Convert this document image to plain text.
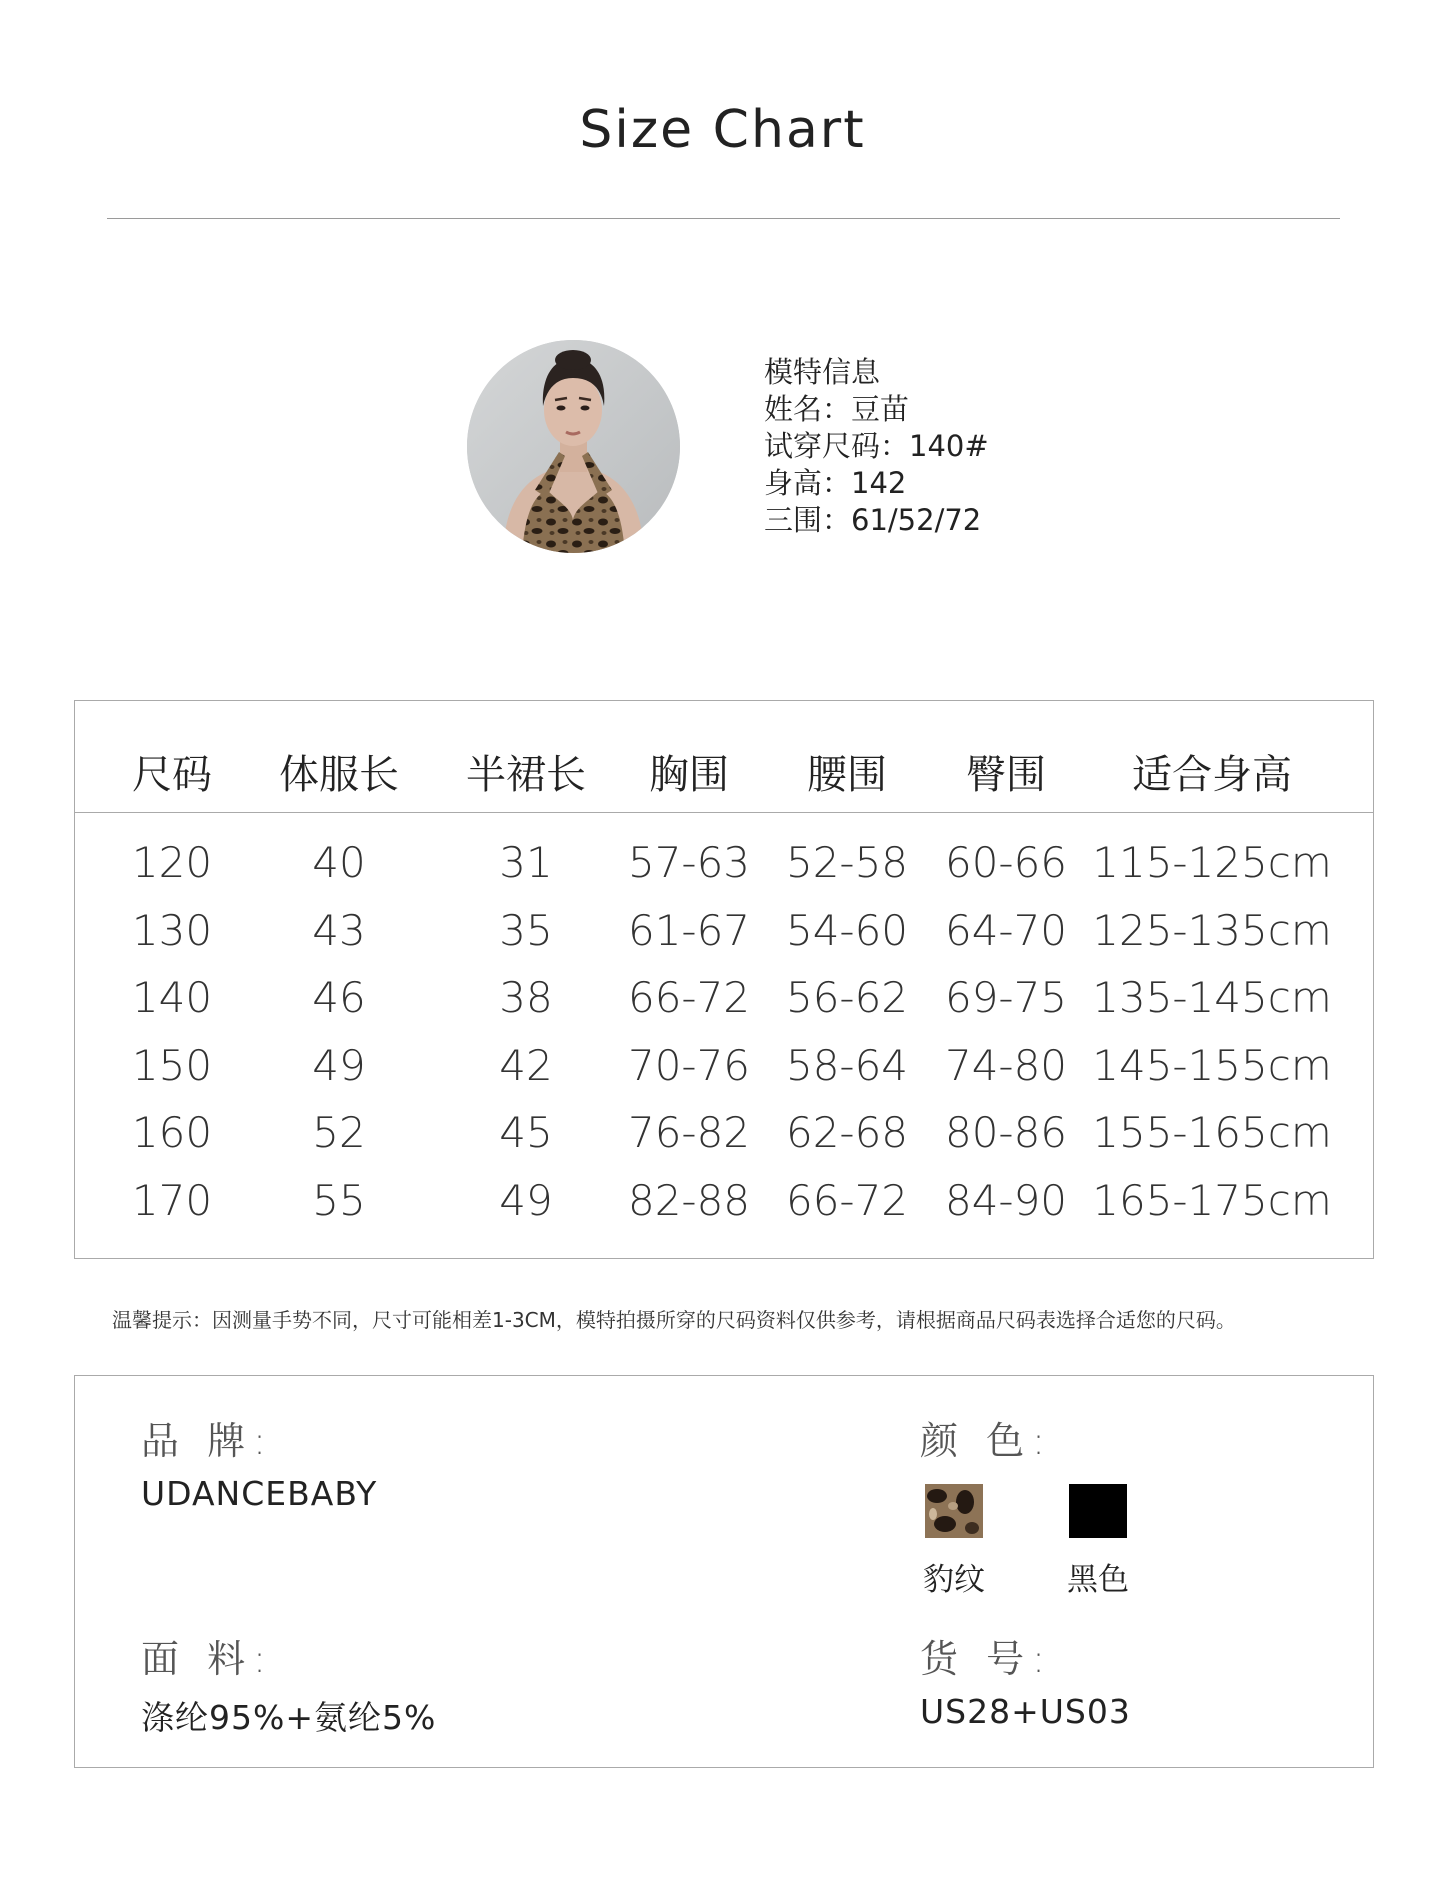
Size Chart
模特信息
姓名：豆苗
试穿尺码：140#
身高：142
三围：61/52/72
尺码 体服长 半裙长 胸围 腰围 臀围 适合身高
120 40	31 57-63 52-58 60-66 115-125cm
130 43	35 61-67 54-60 64-70 125-135cm
140 46	38 66-72 56-62 69-75 135-145cm
150 49	42 70-76 58-64 74-80 145-155cm
160 52	45 76-82 62-68 80-86 155-165cm
170 55	49 82-88 66-72 84-90 165-175cm
温馨提示：因测量手势不同，尺寸可能相差1-3CM，模特拍摄所穿的尺码资料仅供参考，请根据商品尺码表选择合适您的尺码。
品 牌:
UDANCEBABY
颜 色:
豹纹	黑色
面 料:
涤纶95%+氨纶5%
货 号:
US28+US03
